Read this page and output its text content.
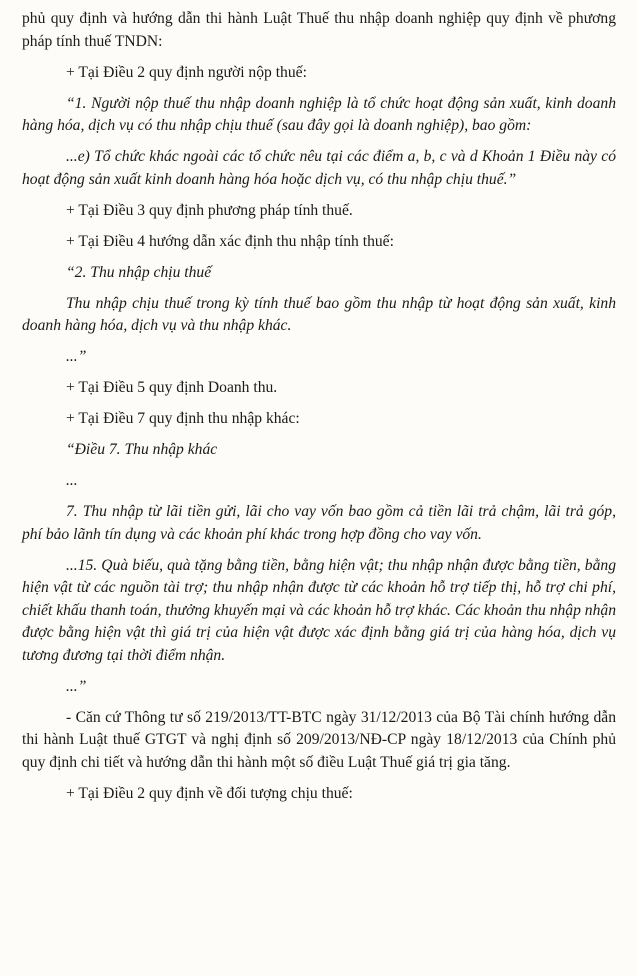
phủ quy định và hướng dẫn thi hành Luật Thuế thu nhập doanh nghiệp quy định về phương pháp tính thuế TNDN:

+ Tại Điều 2 quy định người nộp thuế:

“1. Người nộp thuế thu nhập doanh nghiệp là tổ chức hoạt động sản xuất, kinh doanh hàng hóa, dịch vụ có thu nhập chịu thuế (sau đây gọi là doanh nghiệp), bao gồm:

...e) Tổ chức khác ngoài các tổ chức nêu tại các điểm a, b, c và d Khoản 1 Điều này có hoạt động sản xuất kinh doanh hàng hóa hoặc dịch vụ, có thu nhập chịu thuế.”

+ Tại Điều 3 quy định phương pháp tính thuế.

+ Tại Điều 4 hướng dẫn xác định thu nhập tính thuế:

“2. Thu nhập chịu thuế

Thu nhập chịu thuế trong kỳ tính thuế bao gồm thu nhập từ hoạt động sản xuất, kinh doanh hàng hóa, dịch vụ và thu nhập khác.

...”

+ Tại Điều 5 quy định Doanh thu.

+ Tại Điều 7 quy định thu nhập khác:

“Điều 7. Thu nhập khác

...

7. Thu nhập từ lãi tiền gửi, lãi cho vay vốn bao gồm cả tiền lãi trả chậm, lãi trả góp, phí bảo lãnh tín dụng và các khoản phí khác trong hợp đồng cho vay vốn.

...15. Quà biếu, quà tặng bằng tiền, bằng hiện vật; thu nhập nhận được bằng tiền, bằng hiện vật từ các nguồn tài trợ; thu nhập nhận được từ các khoản hỗ trợ tiếp thị, hỗ trợ chi phí, chiết khấu thanh toán, thưởng khuyến mại và các khoản hỗ trợ khác. Các khoản thu nhập nhận được bằng hiện vật thì giá trị của hiện vật được xác định bằng giá trị của hàng hóa, dịch vụ tương đương tại thời điểm nhận.

...”

- Căn cứ Thông tư số 219/2013/TT-BTC ngày 31/12/2013 của Bộ Tài chính hướng dẫn thi hành Luật thuế GTGT và nghị định số 209/2013/NĐ-CP ngày 18/12/2013 của Chính phủ quy định chi tiết và hướng dẫn thi hành một số điều Luật Thuế giá trị gia tăng.

+ Tại Điều 2 quy định về đối tượng chịu thuế:
